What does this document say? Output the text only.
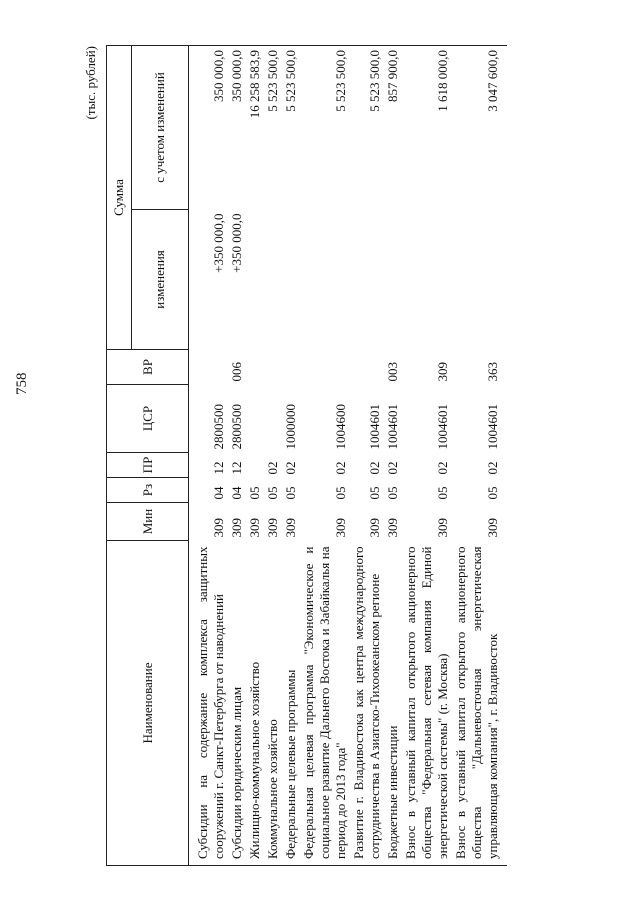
758
(тыс. рублей)
Наименование	Мин	Рз	ПР	ЦСР	ВР	Сумма	
						изменения	с учетом изменений
Субсидии на содержание комплекса защитных сооружений г. Санкт-Петербурга от наводнений	309	04	12	2800500		+350 000,0	350 000,0
Субсидии юридическим лицам	309	04	12	2800500	006	+350 000,0	350 000,0
Жилищно-коммунальное хозяйство	309	05					16 258 583,9
Коммунальное хозяйство	309	05	02				5 523 500,0
Федеральные целевые программы	309	05	02	1000000			5 523 500,0
Федеральная целевая программа "Экономическое и социальное развитие Дальнего Востока и Забайкалья на период до 2013 года"	309	05	02	1004600			5 523 500,0
Развитие г. Владивостока как центра международного сотрудничества в Азиатско-Тихоокеанском регионе	309	05	02	1004601			5 523 500,0
Бюджетные инвестиции	309	05	02	1004601	003		857 900,0
Взнос в уставный капитал открытого акционерного общества "Федеральная сетевая компания Единой энергетической системы" (г. Москва)	309	05	02	1004601	309		1 618 000,0
Взнос в уставный капитал открытого акционерного общества "Дальневосточная энергетическая управляющая компания", г. Владивосток	309	05	02	1004601	363		3 047 600,0
